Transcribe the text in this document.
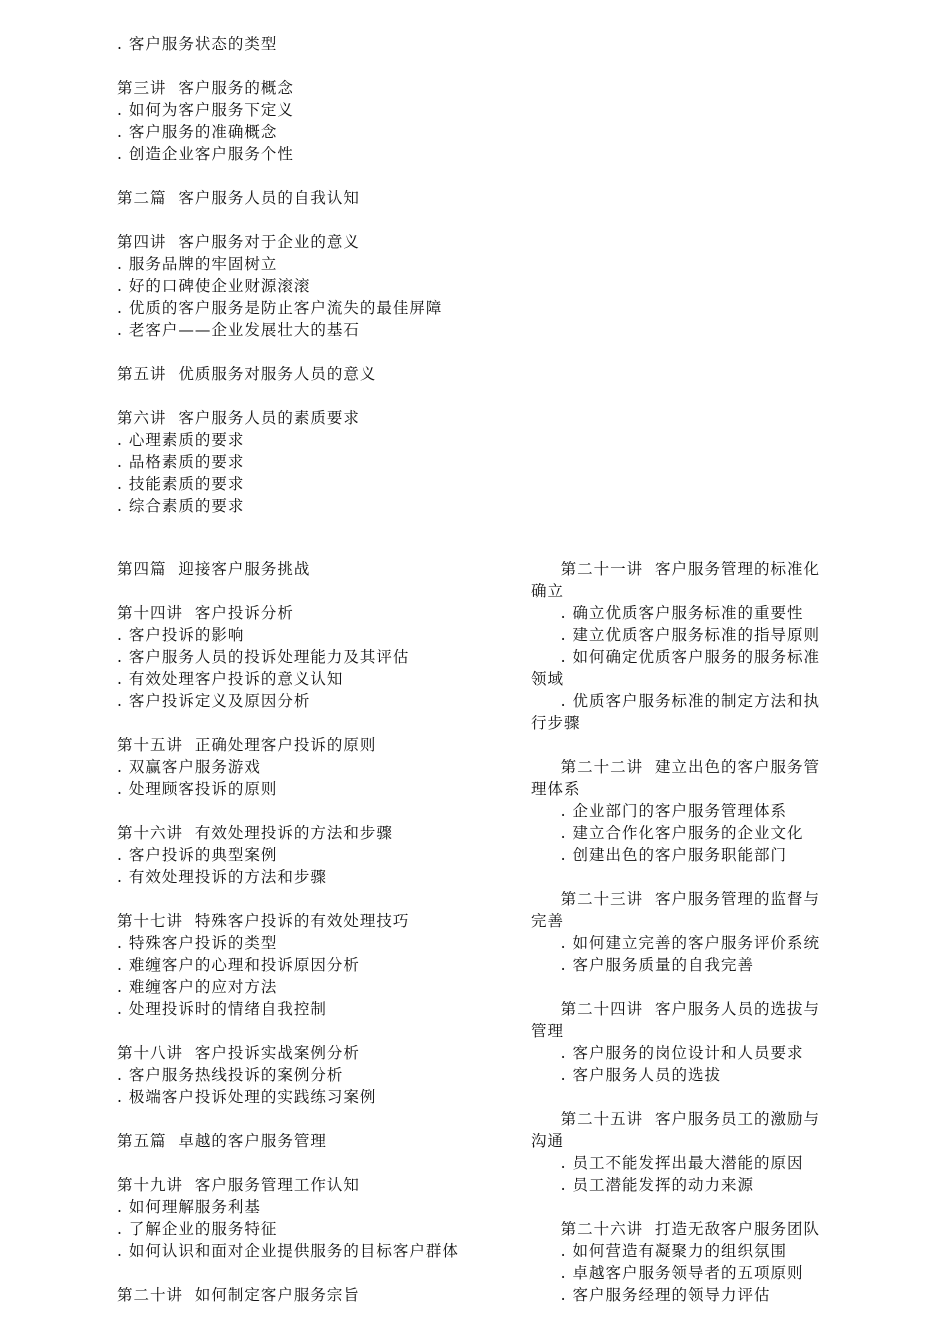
. 客户服务状态的类型
第三讲  客户服务的概念
. 如何为客户服务下定义
. 客户服务的准确概念
. 创造企业客户服务个性
第二篇  客户服务人员的自我认知
第四讲  客户服务对于企业的意义
. 服务品牌的牢固树立
. 好的口碑使企业财源滚滚
. 优质的客户服务是防止客户流失的最佳屏障
. 老客户——企业发展壮大的基石
第五讲  优质服务对服务人员的意义
第六讲  客户服务人员的素质要求
. 心理素质的要求
. 品格素质的要求
. 技能素质的要求
. 综合素质的要求
第四篇  迎接客户服务挑战
第十四讲  客户投诉分析
. 客户投诉的影响
. 客户服务人员的投诉处理能力及其评估
. 有效处理客户投诉的意义认知
. 客户投诉定义及原因分析
第十五讲  正确处理客户投诉的原则
. 双赢客户服务游戏
. 处理顾客投诉的原则
第十六讲  有效处理投诉的方法和步骤
. 客户投诉的典型案例
. 有效处理投诉的方法和步骤
第十七讲  特殊客户投诉的有效处理技巧
. 特殊客户投诉的类型
. 难缠客户的心理和投诉原因分析
. 难缠客户的应对方法
. 处理投诉时的情绪自我控制
第十八讲  客户投诉实战案例分析
. 客户服务热线投诉的案例分析
. 极端客户投诉处理的实践练习案例
第五篇  卓越的客户服务管理
第十九讲  客户服务管理工作认知
. 如何理解服务利基
. 了解企业的服务特征
. 如何认识和面对企业提供服务的目标客户群体
第二十讲  如何制定客户服务宗旨
第二十一讲  客户服务管理的标准化
确立
. 确立优质客户服务标准的重要性
. 建立优质客户服务标准的指导原则
. 如何确定优质客户服务的服务标准
领域
. 优质客户服务标准的制定方法和执
行步骤
第二十二讲  建立出色的客户服务管
理体系
. 企业部门的客户服务管理体系
. 建立合作化客户服务的企业文化
. 创建出色的客户服务职能部门
第二十三讲  客户服务管理的监督与
完善
. 如何建立完善的客户服务评价系统
. 客户服务质量的自我完善
第二十四讲  客户服务人员的选拔与
管理
. 客户服务的岗位设计和人员要求
. 客户服务人员的选拔
第二十五讲  客户服务员工的激励与
沟通
. 员工不能发挥出最大潜能的原因
. 员工潜能发挥的动力来源
第二十六讲  打造无敌客户服务团队
. 如何营造有凝聚力的组织氛围
. 卓越客户服务领导者的五项原则
. 客户服务经理的领导力评估
